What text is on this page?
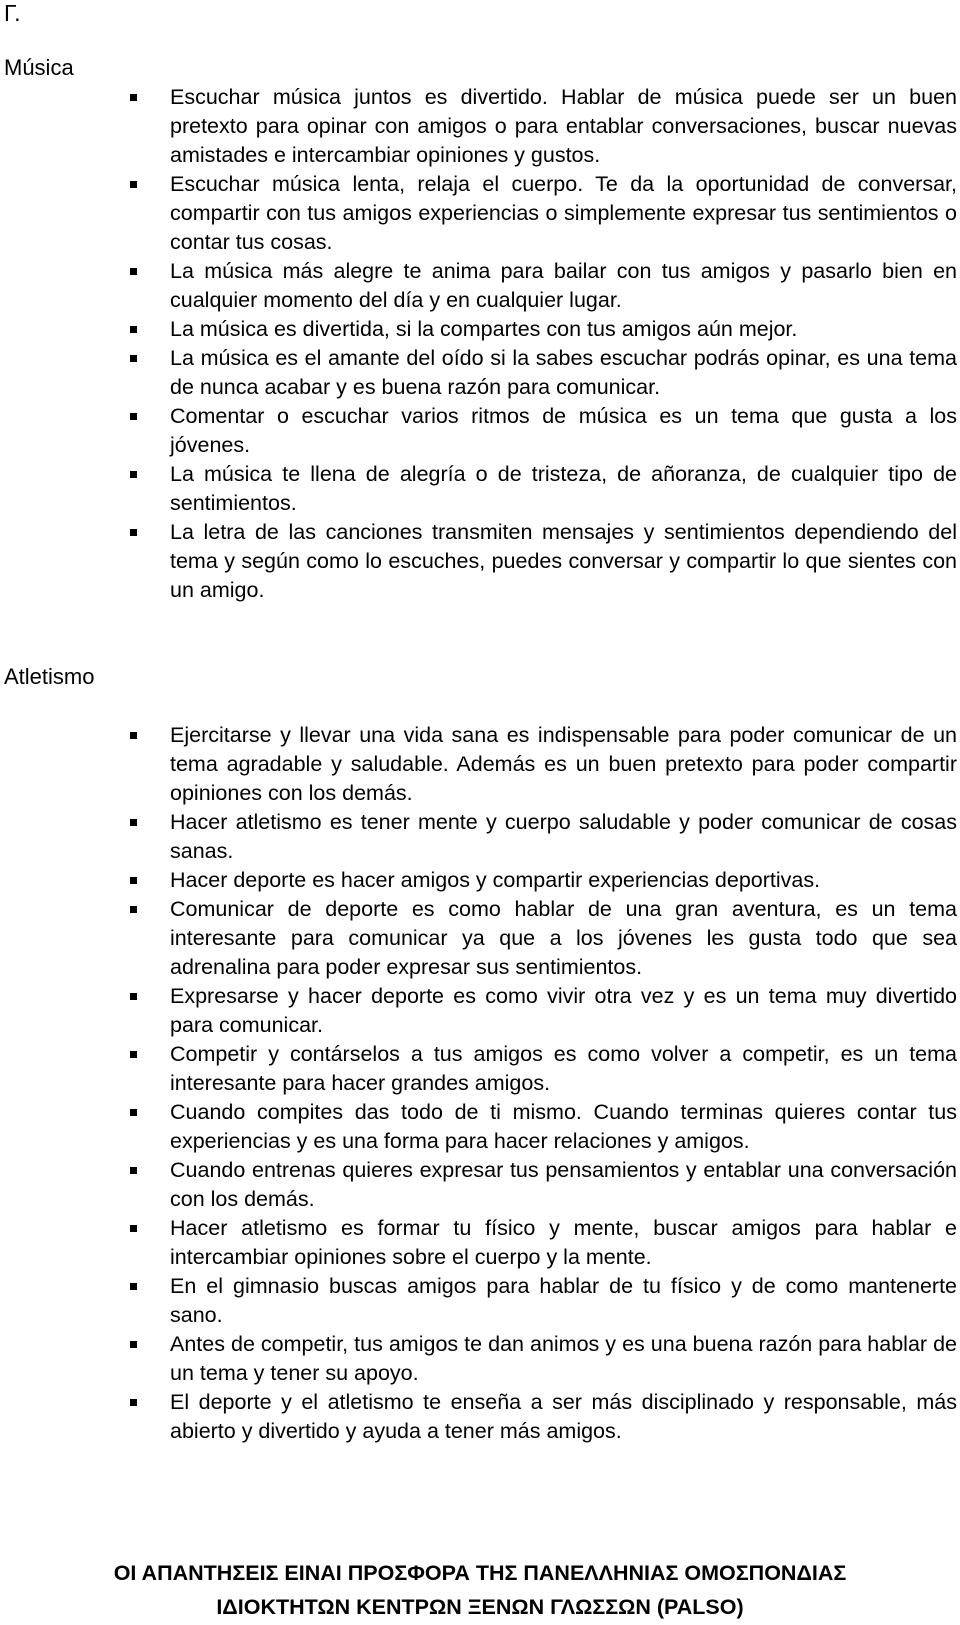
Γ.
Música
Escuchar música juntos es divertido. Hablar de música puede ser un buen pretexto para opinar con amigos o para entablar conversaciones, buscar nuevas amistades e intercambiar opiniones y gustos.
Escuchar música lenta, relaja el cuerpo. Te da la oportunidad de conversar, compartir con tus amigos experiencias o simplemente expresar tus sentimientos o contar tus cosas.
La música más alegre te anima para bailar con tus amigos y pasarlo bien en cualquier momento del día y en cualquier lugar.
La música es divertida, si la compartes con tus amigos aún mejor.
La música es el amante del oído si la sabes escuchar podrás opinar, es una tema de nunca acabar y es buena razón para comunicar.
Comentar o escuchar varios ritmos de música es un tema que gusta a los jóvenes.
La música te llena de alegría o de tristeza, de añoranza, de cualquier tipo de sentimientos.
La letra de las canciones transmiten mensajes y sentimientos dependiendo del tema y según como lo escuches, puedes conversar y compartir lo que sientes con un amigo.
Atletismo
Ejercitarse y llevar una vida sana es indispensable para poder comunicar de un tema agradable y saludable. Además es un buen pretexto para poder compartir opiniones con los demás.
Hacer atletismo es tener mente y cuerpo saludable y poder comunicar de cosas sanas.
Hacer deporte es hacer amigos y compartir experiencias deportivas.
Comunicar de deporte es como hablar de una gran aventura, es un tema interesante para comunicar ya que a los jóvenes les gusta todo que sea adrenalina para poder expresar sus sentimientos.
Expresarse y hacer deporte es como vivir otra vez y es un tema muy divertido para comunicar.
Competir y contárselos a tus amigos es como volver a competir, es un tema interesante para hacer grandes amigos.
Cuando compites das todo de ti mismo. Cuando terminas quieres contar tus experiencias y es una forma para hacer relaciones y amigos.
Cuando entrenas quieres expresar tus pensamientos y entablar una conversación con los demás.
Hacer atletismo es formar tu físico y mente, buscar amigos para hablar e intercambiar opiniones sobre el cuerpo y la mente.
En el gimnasio buscas amigos para hablar de tu físico y de como mantenerte sano.
Antes de competir, tus amigos te dan animos y es una buena razón para hablar de un tema y tener su apoyo.
El deporte y el atletismo te enseña a ser más disciplinado y responsable, más abierto y divertido y ayuda a tener más amigos.
ΟΙ ΑΠΑΝΤΗΣΕΙΣ ΕΙΝΑΙ ΠΡΟΣΦΟΡΑ ΤΗΣ ΠΑΝΕΛΛΗΝΙΑΣ ΟΜΟΣΠΟΝΔΙΑΣ
ΙΔΙΟΚΤΗΤΩΝ ΚΕΝΤΡΩΝ ΞΕΝΩΝ ΓΛΩΣΣΩΝ (PALSO)
